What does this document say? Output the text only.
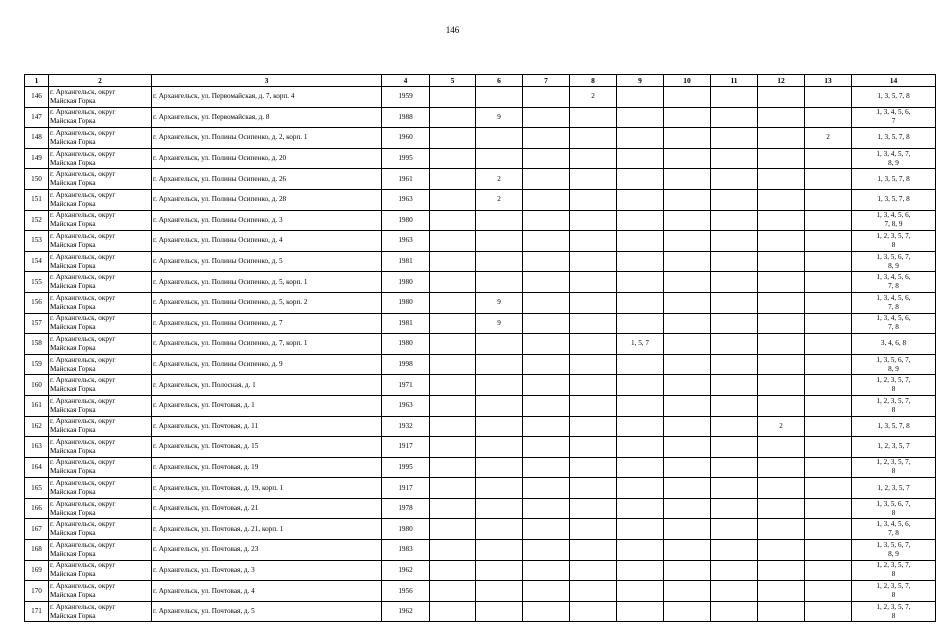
146
1	2	3	4	5	6	7	8	9	10	11	12	13	14
146	г. Архангельск, округ
Майская Горка	г. Архангельск, ул. Первомайская, д. 7, корп. 4	1959				2						1, 3, 5, 7, 8

147	г. Архангельск, округ
Майская Горка	г. Архангельск, ул. Первомайская, д. 8	1988		9								1, 3, 4, 5, 6,
7

148	г. Архангельск, округ
Майская Горка	г. Архангельск, ул. Полины Осипенко, д. 2, корп. 1	1960									2	1, 3, 5, 7, 8

149	г. Архангельск, округ
Майская Горка	г. Архангельск, ул. Полины Осипенко, д. 20	1995										1, 3, 4, 5, 7,
8, 9

150	г. Архангельск, округ
Майская Горка	г. Архангельск, ул. Полины Осипенко, д. 26	1961		2								1, 3, 5, 7, 8

151	г. Архангельск, округ
Майская Горка	г. Архангельск, ул. Полины Осипенко, д. 28	1963		2								1, 3, 5, 7, 8

152	г. Архангельск, округ
Майская Горка	г. Архангельск, ул. Полины Осипенко, д. 3	1980										1, 3, 4, 5, 6,
7, 8, 9

153	г. Архангельск, округ
Майская Горка	г. Архангельск, ул. Полины Осипенко, д. 4	1963										1, 2, 3, 5, 7,
8

154	г. Архангельск, округ
Майская Горка	г. Архангельск, ул. Полины Осипенко, д. 5	1981										1, 3, 5, 6, 7,
8, 9

155	г. Архангельск, округ
Майская Горка	г. Архангельск, ул. Полины Осипенко, д. 5, корп. 1	1980										1, 3, 4, 5, 6,
7, 8

156	г. Архангельск, округ
Майская Горка	г. Архангельск, ул. Полины Осипенко, д. 5, корп. 2	1980		9								1, 3, 4, 5, 6,
7, 8

157	г. Архангельск, округ
Майская Горка	г. Архангельск, ул. Полины Осипенко, д. 7	1981		9								1, 3, 4, 5, 6,
7, 8

158	г. Архангельск, округ
Майская Горка	г. Архангельск, ул. Полины Осипенко, д. 7, корп. 1	1980					1, 5, 7					3, 4, 6, 8

159	г. Архангельск, округ
Майская Горка	г. Архангельск, ул. Полины Осипенко, д. 9	1998										1, 3, 5, 6, 7,
8, 9

160	г. Архангельск, округ
Майская Горка	г. Архангельск, ул. Полосная, д. 1	1971										1, 2, 3, 5, 7,
8

161	г. Архангельск, округ
Майская Горка	г. Архангельск, ул. Почтовая, д. 1	1963										1, 2, 3, 5, 7,
8

162	г. Архангельск, округ
Майская Горка	г. Архангельск, ул. Почтовая, д. 11	1932								2		1, 3, 5, 7, 8

163	г. Архангельск, округ
Майская Горка	г. Архангельск, ул. Почтовая, д. 15	1917										1, 2, 3, 5, 7

164	г. Архангельск, округ
Майская Горка	г. Архангельск, ул. Почтовая, д. 19	1995										1, 2, 3, 5, 7,
8

165	г. Архангельск, округ
Майская Горка	г. Архангельск, ул. Почтовая, д. 19, корп. 1	1917										1, 2, 3, 5, 7

166	г. Архангельск, округ
Майская Горка	г. Архангельск, ул. Почтовая, д. 21	1978										1, 3, 5, 6, 7,
8

167	г. Архангельск, округ
Майская Горка	г. Архангельск, ул. Почтовая, д. 21, корп. 1	1980										1, 3, 4, 5, 6,
7, 8

168	г. Архангельск, округ
Майская Горка	г. Архангельск, ул. Почтовая, д. 23	1983										1, 3, 5, 6, 7,
8, 9

169	г. Архангельск, округ
Майская Горка	г. Архангельск, ул. Почтовая, д. 3	1962										1, 2, 3, 5, 7,
8

170	г. Архангельск, округ
Майская Горка	г. Архангельск, ул. Почтовая, д. 4	1956										1, 2, 3, 5, 7,
8

171	г. Архангельск, округ
Майская Горка	г. Архангельск, ул. Почтовая, д. 5	1962										1, 2, 3, 5, 7,
8
